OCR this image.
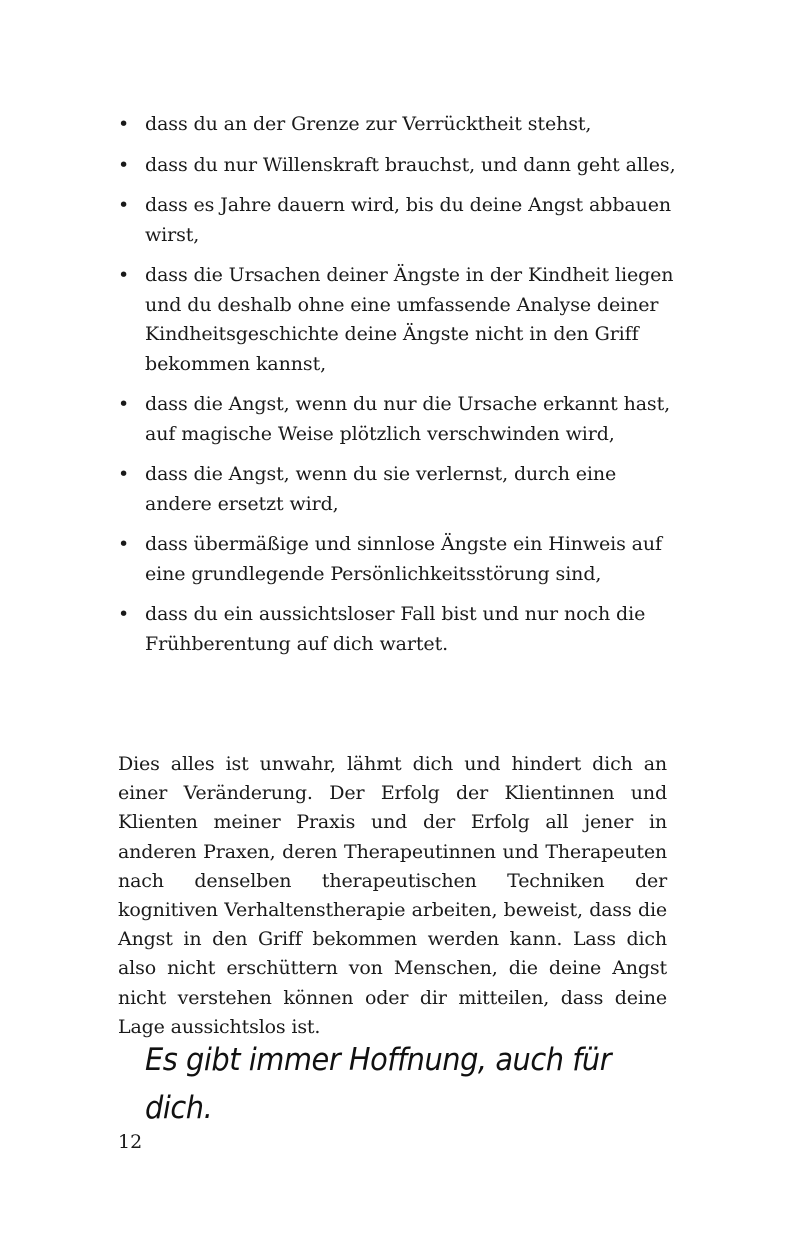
• dass du an der Grenze zur Verrücktheit stehst,
• dass du nur Willenskraft brauchst, und dann geht alles,
• dass es Jahre dauern wird, bis du deine Angst abbauen wirst,
• dass die Ursachen deiner Ängste in der Kindheit liegen und du deshalb ohne eine umfassende Analyse deiner Kindheitsgeschichte deine Ängste nicht in den Griff bekommen kannst,
• dass die Angst, wenn du nur die Ursache erkannt hast, auf magische Weise plötzlich verschwinden wird,
• dass die Angst, wenn du sie verlernst, durch eine andere ersetzt wird,
• dass übermäßige und sinnlose Ängste ein Hinweis auf eine grundlegende Persönlichkeitsstörung sind,
• dass du ein aussichtsloser Fall bist und nur noch die Frühberentung auf dich wartet.

Dies alles ist unwahr, lähmt dich und hindert dich an einer Veränderung. Der Erfolg der Klientinnen und Klienten meiner Praxis und der Erfolg all jener in anderen Praxen, deren Therapeutinnen und Therapeuten nach denselben therapeutischen Techniken der kognitiven Verhaltenstherapie arbeiten, beweist, dass die Angst in den Griff bekommen werden kann. Lass dich also nicht erschüttern von Menschen, die deine Angst nicht verstehen können oder dir mitteilen, dass deine Lage aussichtslos ist.

Es gibt immer Hoffnung, auch für dich.

12
